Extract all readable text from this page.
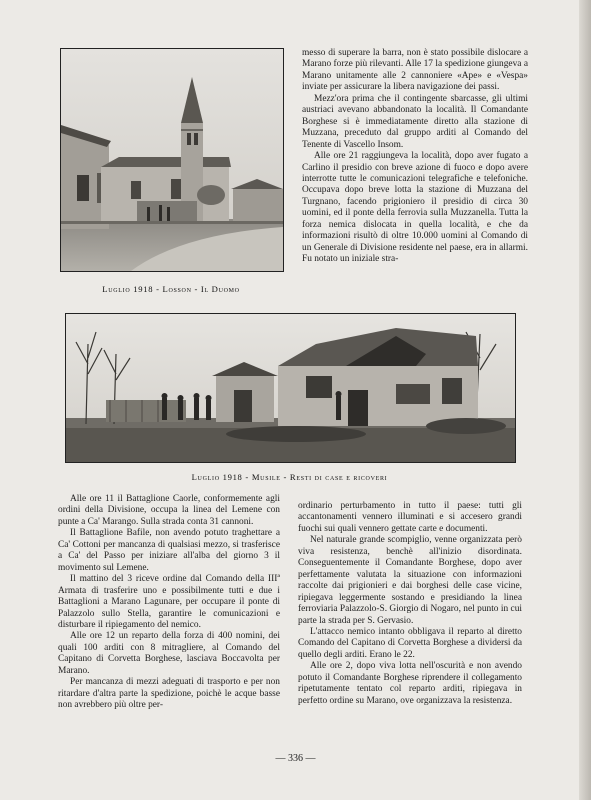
Luglio 1918 - Losson - Il Duomo

messo di superare la barra, non è stato possibile dislocare a Marano forze più rilevanti. Alle 17 la spedizione giungeva a Marano unitamente alle 2 cannoniere «Ape» e «Vespa» inviate per assicurare la libera navigazione dei passi.

Mezz'ora prima che il contingente sbarcasse, gli ultimi austriaci avevano abbandonato la località. Il Comandante Borghese si è immediatamente diretto alla stazione di Muzzana, preceduto dal gruppo arditi al Comando del Tenente di Vascello Insom.

Alle ore 21 raggiungeva la località, dopo aver fugato a Carlino il presidio con breve azione di fuoco e dopo avere interrotte tutte le comunicazioni telegrafiche e telefoniche. Occupava dopo breve lotta la stazione di Muzzana del Turgnano, facendo prigioniero il presidio di circa 30 uomini, ed il ponte della ferrovia sulla Muzzanella. Tutta la forza nemica dislocata in quella località, e che da informazioni risultò di oltre 10.000 uomini al Comando di un Generale di Divisione residente nel paese, era in allarmi. Fu notato un iniziale stra-

Luglio 1918 - Musile - Resti di case e ricoveri

Alle ore 11 il Battaglione Caorle, conformemente agli ordini della Divisione, occupa la linea del Lemene con punte a Ca' Marango. Sulla strada conta 31 cannoni.

Il Battaglione Bafile, non avendo potuto traghettare a Ca' Cottoni per mancanza di qualsiasi mezzo, si trasferisce a Ca' del Passo per iniziare all'alba del giorno 3 il movimento sul Lemene.

Il mattino del 3 riceve ordine dal Comando della IIIª Armata di trasferire uno e possibilmente tutti e due i Battaglioni a Marano Lagunare, per occupare il ponte di Palazzolo sullo Stella, garantire le comunicazioni e disturbare il ripiegamento del nemico.

Alle ore 12 un reparto della forza di 400 nomini, dei quali 100 arditi con 8 mitragliere, al Comando del Capitano di Corvetta Borghese, lasciava Boccavolta per Marano.

Per mancanza di mezzi adeguati di trasporto e per non ritardare d'altra parte la spedizione, poichè le acque basse non avrebbero più oltre per-

ordinario perturbamento in tutto il paese: tutti gli accantonamenti vennero illuminati e si accesero grandi fuochi sui quali vennero gettate carte e documenti.

Nel naturale grande scompiglio, venne organizzata però viva resistenza, benchè all'inizio disordinata. Conseguentemente il Comandante Borghese, dopo aver perfettamente valutata la situazione con informazioni raccolte dai prigionieri e dai borghesi delle case vicine, ripiegava leggermente sostando e presidiando la linea ferroviaria Palazzolo-S. Giorgio di Nogaro, nel punto in cui parte la strada per S. Gervasio.

L'attacco nemico intanto obbligava il reparto al diretto Comando del Capitano di Corvetta Borghese a dividersi da quello degli arditi. Erano le 22.

Alle ore 2, dopo viva lotta nell'oscurità e non avendo potuto il Comandante Borghese riprendere il collegamento ripetutamente tentato col reparto arditi, ripiegava in perfetto ordine su Marano, ove organizzava la resistenza.

— 336 —
